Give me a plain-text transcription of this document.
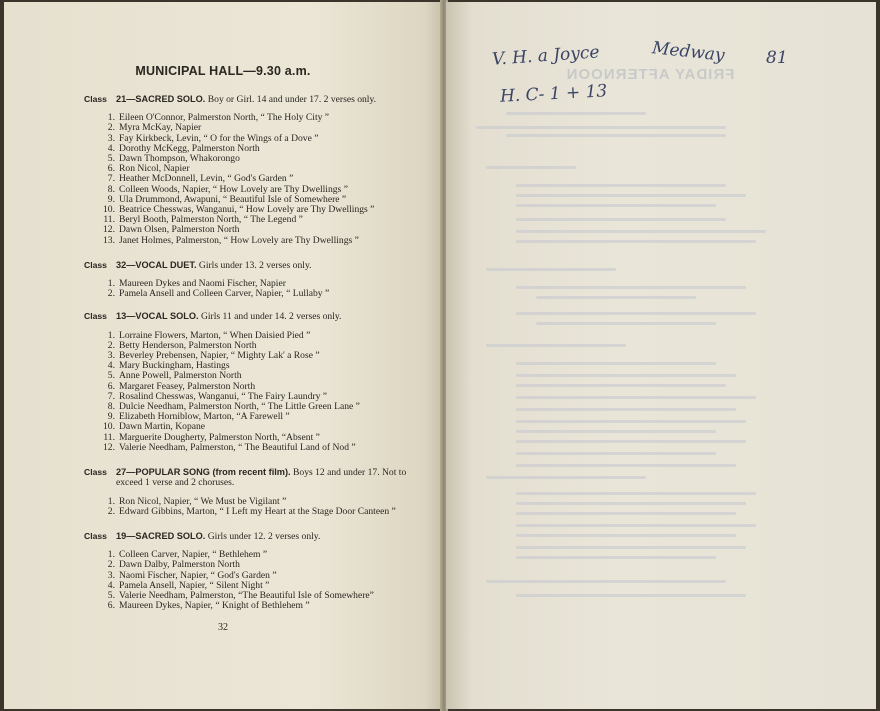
MUNICIPAL HALL—9.30 a.m.
Class 21—SACRED SOLO. Boy or Girl. 14 and under 17. 2 verses only.
1. Eileen O'Connor, Palmerston North, “ The Holy City ”
2. Myra McKay, Napier
3. Fay Kirkbeck, Levin, “ O for the Wings of a Dove ”
4. Dorothy McKegg, Palmerston North
5. Dawn Thompson, Whakorongo
6. Ron Nicol, Napier
7. Heather McDonnell, Levin, “ God's Garden ”
8. Colleen Woods, Napier, “ How Lovely are Thy Dwellings ”
9. Ula Drummond, Awapuni, “ Beautiful Isle of Somewhere ”
10. Beatrice Chesswas, Wanganui, “ How Lovely are Thy Dwellings ”
11. Beryl Booth, Palmerston North, “ The Legend ”
12. Dawn Olsen, Palmerston North
13. Janet Holmes, Palmerston, “ How Lovely are Thy Dwellings ”
Class 32—VOCAL DUET. Girls under 13. 2 verses only.
1. Maureen Dykes and Naomi Fischer, Napier
2. Pamela Ansell and Colleen Carver, Napier, “ Lullaby ”
Class 13—VOCAL SOLO. Girls 11 and under 14. 2 verses only.
1. Lorraine Flowers, Marton, “ When Daisied Pied ”
2. Betty Henderson, Palmerston North
3. Beverley Prebensen, Napier, “ Mighty Lak' a Rose ”
4. Mary Buckingham, Hastings
5. Anne Powell, Palmerston North
6. Margaret Feasey, Palmerston North
7. Rosalind Chesswas, Wanganui, “ The Fairy Laundry ”
8. Dulcie Needham, Palmerston North, “ The Little Green Lane ”
9. Elizabeth Horniblow, Marton, “A Farewell ”
10. Dawn Martin, Kopane
11. Marguerite Dougherty, Palmerston North, “Absent ”
12. Valerie Needham, Palmerston, “ The Beautiful Land of Nod ”
Class 27—POPULAR SONG (from recent film). Boys 12 and under 17. Not to exceed 1 verse and 2 choruses.
1. Ron Nicol, Napier, “ We Must be Vigilant ”
2. Edward Gibbins, Marton, “ I Left my Heart at the Stage Door Canteen ”
Class 19—SACRED SOLO. Girls under 12. 2 verses only.
1. Colleen Carver, Napier, “ Bethlehem ”
2. Dawn Dalby, Palmerston North
3. Naomi Fischer, Napier, “ God's Garden ”
4. Pamela Ansell, Napier, “ Silent Night ”
5. Valerie Needham, Palmerston, “The Beautiful Isle of Somewhere”
6. Maureen Dykes, Napier, “ Knight of Bethlehem ”
32
FRIDAY AFTERNOON
V. H. a Joyce	Medway 81
H. C- 1 + 13
